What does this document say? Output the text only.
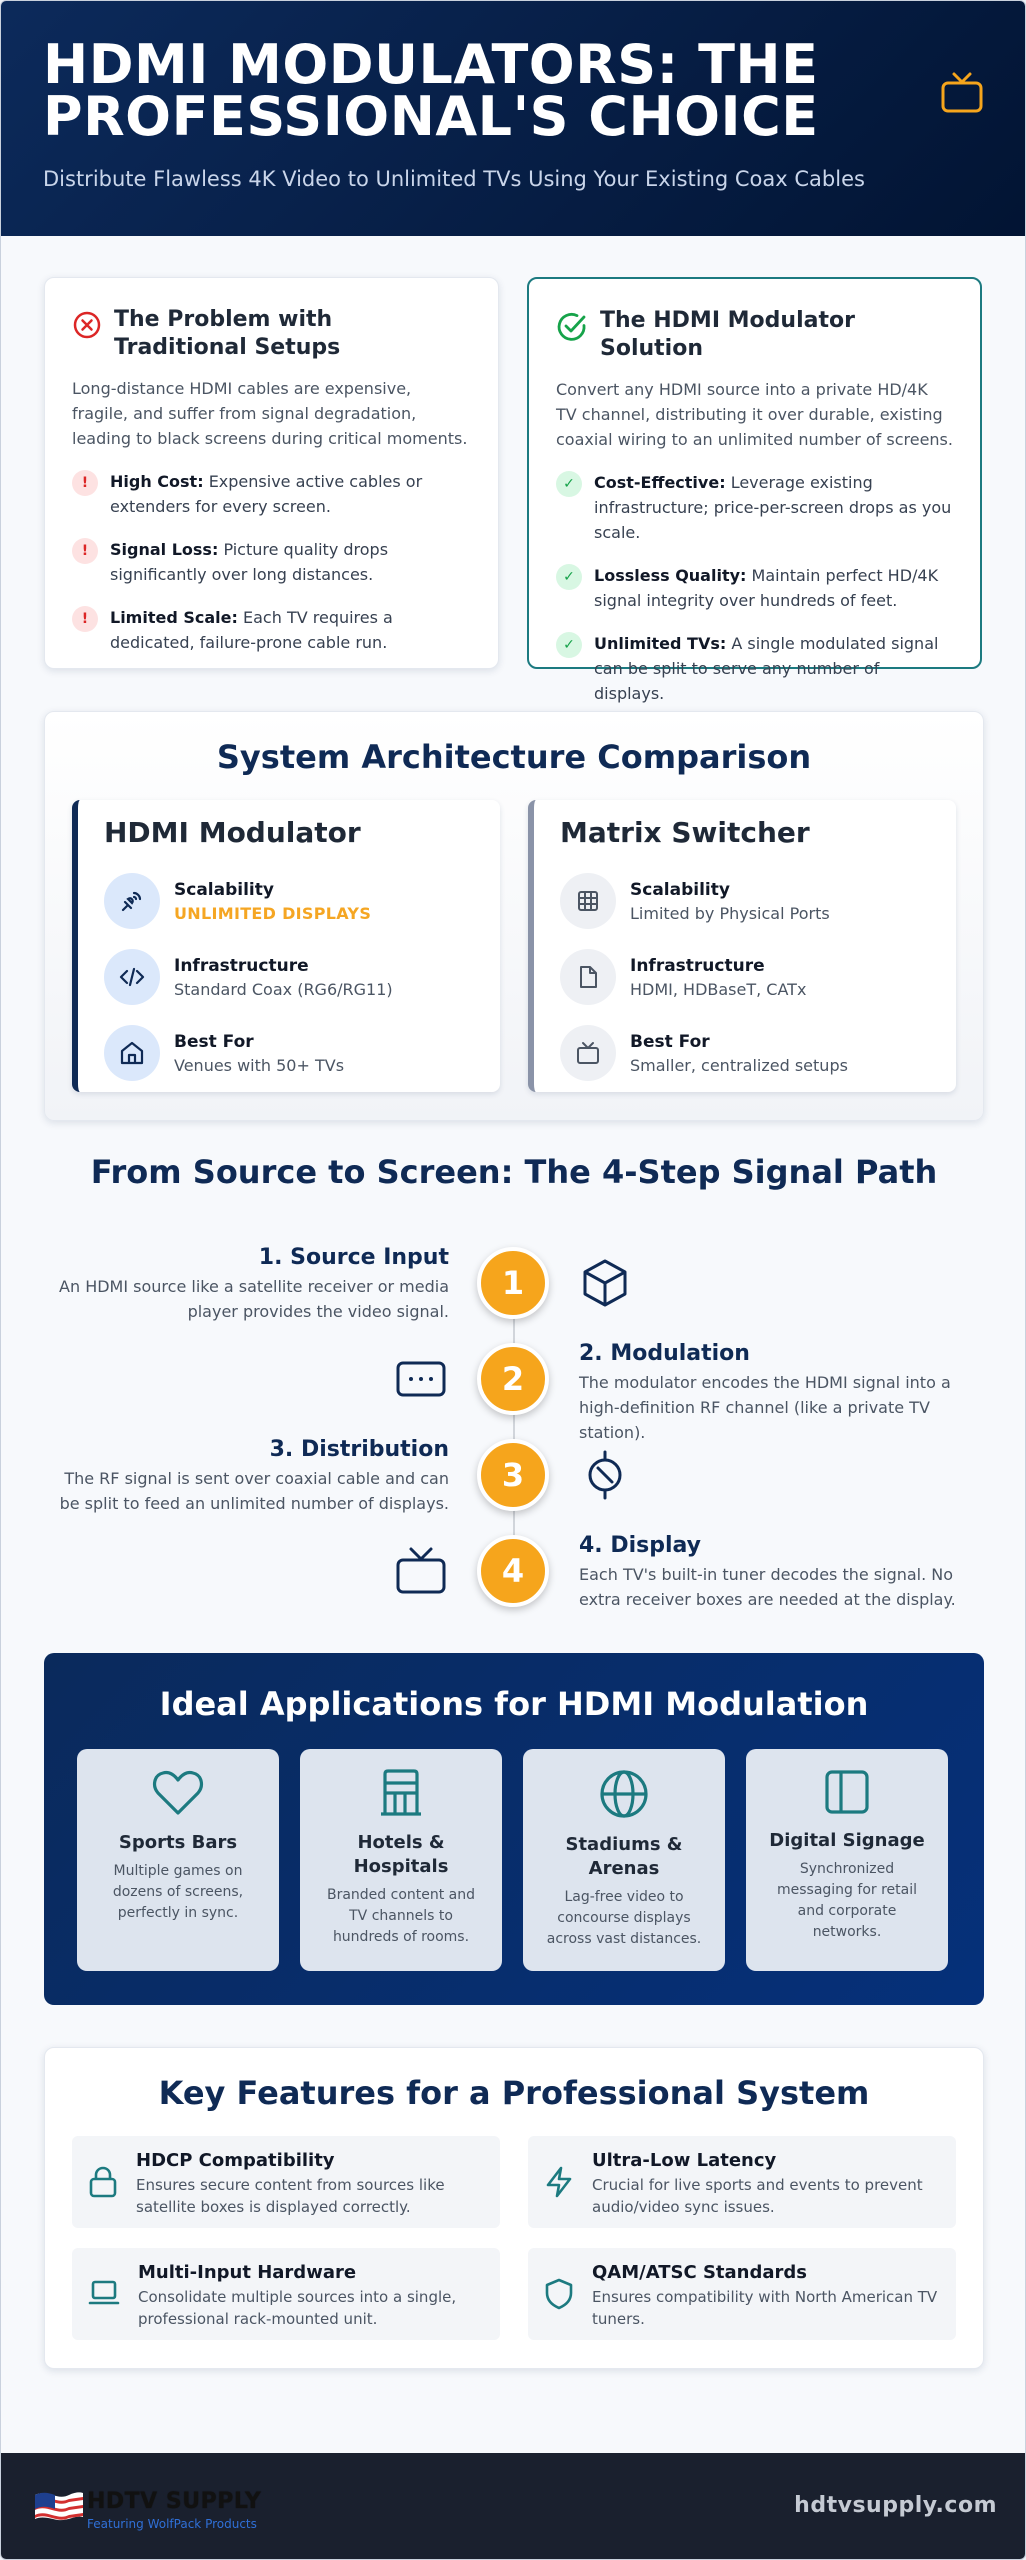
HDMI MODULATORS: THE PROFESSIONAL'S CHOICE
Distribute Flawless 4K Video to Unlimited TVs Using Your Existing Coax Cables
The Problem with Traditional Setups

Long-distance HDMI cables are expensive, fragile, and suffer from signal degradation, leading to black screens during critical moments.

!	High Cost: Expensive active cables or extenders for every screen.
!	Signal Loss: Picture quality drops significantly over long distances.
!	Limited Scale: Each TV requires a dedicated, failure-prone cable run.
The HDMI Modulator Solution

Convert any HDMI source into a private HD/4K TV channel, distributing it over durable, existing coaxial wiring to an unlimited number of screens.

✓	Cost-Effective: Leverage existing infrastructure; price-per-screen drops as you scale.
✓	Lossless Quality: Maintain perfect HD/4K signal integrity over hundreds of feet.
✓	Unlimited TVs: A single modulated signal can be split to serve any number of displays.
System Architecture Comparison
HDMI Modulator
Scalability
UNLIMITED DISPLAYS
Infrastructure
Standard Coax (RG6/RG11)
Best For
Venues with 50+ TVs
Matrix Switcher
Scalability
Limited by Physical Ports
Infrastructure
HDMI, HDBaseT, CATx
Best For
Smaller, centralized setups
From Source to Screen: The 4-Step Signal Path
1. Source Input
An HDMI source like a satellite receiver or media player provides the video signal.
1
2
2. Modulation
The modulator encodes the HDMI signal into a high-definition RF channel (like a private TV station).
3. Distribution
The RF signal is sent over coaxial cable and can be split to feed an unlimited number of displays.
3
4
4. Display
Each TV's built-in tuner decodes the signal. No extra receiver boxes are needed at the display.
Ideal Applications for HDMI Modulation
Sports Bars
Multiple games on dozens of screens, perfectly in sync.
Hotels & Hospitals
Branded content and TV channels to hundreds of rooms.
Stadiums & Arenas
Lag-free video to concourse displays across vast distances.
Digital Signage
Synchronized messaging for retail and corporate networks.
Key Features for a Professional System
HDCP Compatibility
Ensures secure content from sources like satellite boxes is displayed correctly.
Ultra-Low Latency
Crucial for live sports and events to prevent audio/video sync issues.
Multi-Input Hardware
Consolidate multiple sources into a single, professional rack-mounted unit.
QAM/ATSC Standards
Ensures compatibility with North American TV tuners.
HDTV SUPPLY
Featuring WolfPack Products
hdtvsupply.com
